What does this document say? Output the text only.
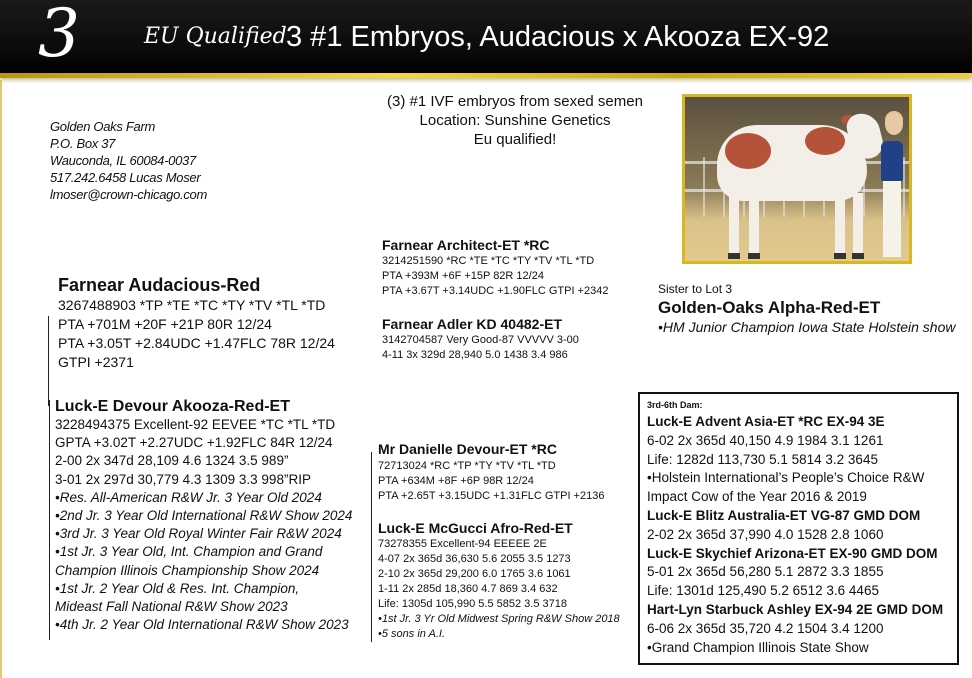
3	EU Qualified 3 #1 Embryos, Audacious x Akooza EX-92
(3) #1 IVF embryos from sexed semen
Location: Sunshine Genetics
Eu qualified!
Golden Oaks Farm
P.O. Box 37
Wauconda, IL 60084-0037
517.242.6458 Lucas Moser
lmoser@crown-chicago.com
Sister to Lot 3
Golden-Oaks Alpha-Red-ET
•HM Junior Champion Iowa State Holstein show
Farnear Audacious-Red
3267488903 *TP *TE *TC *TY *TV *TL *TD
PTA +701M +20F +21P 80R 12/24
PTA +3.05T +2.84UDC +1.47FLC 78R 12/24
GTPI +2371
Farnear Architect-ET *RC
3214251590 *RC *TE *TC *TY *TV *TL *TD
PTA +393M +6F +15P 82R 12/24
PTA +3.67T +3.14UDC +1.90FLC GTPI +2342
Farnear Adler KD 40482-ET
3142704587 Very Good-87 VVVVV 3-00
4-11 3x 329d 28,940 5.0 1438 3.4 986
Luck-E Devour Akooza-Red-ET
3228494375 Excellent-92 EEVEE *TC *TL *TD
GPTA +3.02T +2.27UDC +1.92FLC 84R 12/24
2-00 2x 347d 28,109 4.6 1324 3.5 989”
3-01 2x 297d 30,779 4.3 1309 3.3 998”RIP
•Res. All-American R&W Jr. 3 Year Old 2024
•2nd Jr. 3 Year Old International R&W Show 2024
•3rd Jr. 3 Year Old Royal Winter Fair R&W 2024
•1st Jr. 3 Year Old, Int. Champion and Grand
Champion Illinois Championship Show 2024
•1st Jr. 2 Year Old & Res. Int. Champion,
Mideast Fall National R&W Show 2023
•4th Jr. 2 Year Old International R&W Show 2023
Mr Danielle Devour-ET *RC
72713024 *RC *TP *TY *TV *TL *TD
PTA +634M +8F +6P 98R 12/24
PTA +2.65T +3.15UDC +1.31FLC GTPI +2136
Luck-E McGucci Afro-Red-ET
73278355 Excellent-94 EEEEE 2E
4-07 2x 365d 36,630 5.6 2055 3.5 1273
2-10 2x 365d 29,200 6.0 1765 3.6 1061
1-11 2x 285d 18,360 4.7 869 3.4 632
Life: 1305d 105,990 5.5 5852 3.5 3718
•1st Jr. 3 Yr Old Midwest Spring R&W Show 2018
•5 sons in A.I.
3rd-6th Dam:
Luck-E Advent Asia-ET *RC EX-94 3E
6-02 2x 365d 40,150 4.9 1984 3.1 1261
Life: 1282d 113,730 5.1 5814 3.2 3645
•Holstein International’s People’s Choice R&W
Impact Cow of the Year 2016 & 2019
Luck-E Blitz Australia-ET VG-87 GMD DOM
2-02 2x 365d 37,990 4.0 1528 2.8 1060
Luck-E Skychief Arizona-ET EX-90 GMD DOM
5-01 2x 365d 56,280 5.1 2872 3.3 1855
Life: 1301d 125,490 5.2 6512 3.6 4465
Hart-Lyn Starbuck Ashley EX-94 2E GMD DOM
6-06 2x 365d 35,720 4.2 1504 3.4 1200
•Grand Champion Illinois State Show
